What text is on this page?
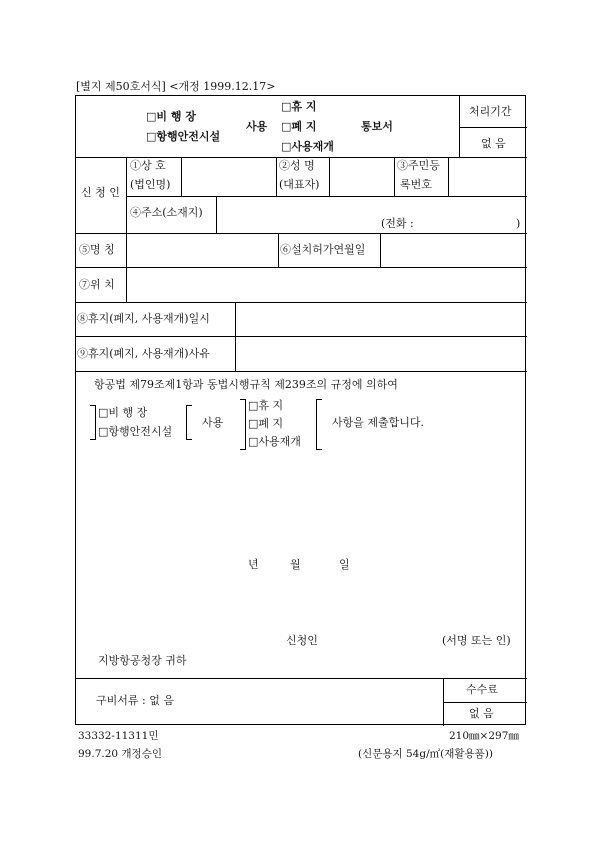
[별지 제50호서식] <개정 1999.12.17>
□비 행 장
□항행안전시설
사용
□휴 지
□폐 지
□사용재개
통보서
처리기간
없 음
신 청 인
①상 호
(법인명)
②성 명
(대표자)
③주민등
록번호
④주소(소재지)
(전화 :	)
⑤명 칭	⑥설치허가연월일
⑦위 치
⑧휴지(폐지, 사용재개)일시
⑨휴지(폐지, 사용재개)사유
항공법 제79조제1항과 동법시행규칙 제239조의 규정에 의하여
□비 행 장
□항행안전시설
사용
□휴 지
□폐 지
□사용재개
사항을 제출합니다.
년	월	일
신청인	(서명 또는 인)
지방항공청장 귀하
구비서류 : 없 음
수수료
없 음
33332-11311민
99.7.20 개정승인
210㎜×297㎜
(신문용지 54g/㎡(재활용품))
